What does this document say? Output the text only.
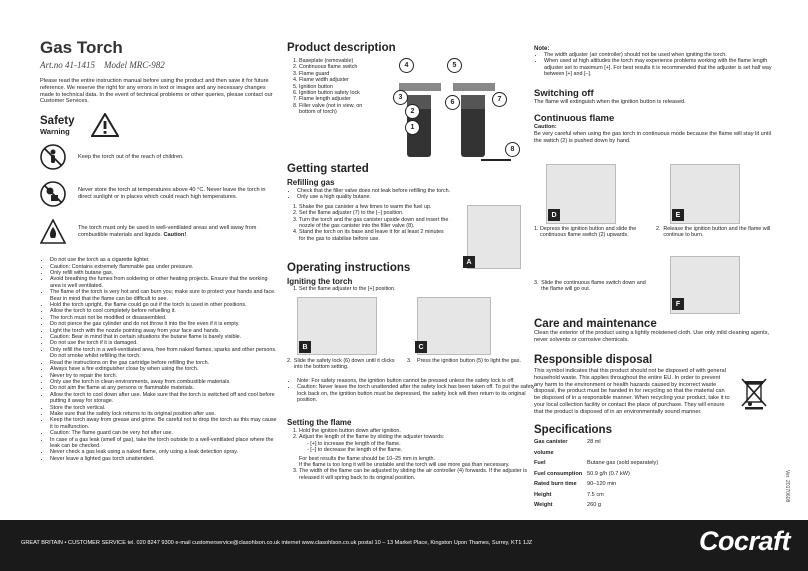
Gas Torch
Art.no 41-1415 Model MRC-982

Please read the entire instruction manual before using the product and then save it for future reference. We reserve the right for any errors in text or images and any necessary changes made to technical data. In the event of technical problems or other queries, please contact our Customer Services.

Safety
Warning

Keep the torch out of the reach of children.

Never store the torch at temperatures above 40 °C. Never leave the torch in direct sunlight or in places which could reach high temperatures.

The torch must only be used in well-ventilated areas and well away from combustible materials and liquids. Caution!

• Do not use the torch as a cigarette lighter.
• Caution: Contains extremely flammable gas under pressure.
• Only refill with butane gas.
• Avoid breathing the fumes from soldering or other heating projects. Ensure that the working area is well ventilated.
• The flame of the torch is very hot and can burn you; make sure to protect your hands and face. Bear in mind that the flame can be difficult to see.
• Hold the torch upright, the flame could go out if the torch is used in other positions.
• Allow the torch to cool completely before refuelling it.
• The torch must not be modified or disassembled.
• Do not pierce the gas cylinder and do not throw it into the fire even if it is empty.
• Light the torch with the nozzle pointing away from your face and hands.
• Caution: Bear in mind that in certain situations the butane flame is barely visible.
• Do not use the torch if it is damaged.
• Only refill the torch in a well-ventilated area, free from naked flames, sparks and other persons. Do not smoke whilst refilling the torch.
• Read the instructions on the gas cartridge before refilling the torch.
• Always have a fire extinguisher close by when using the torch.
• Never try to repair the torch.
• Only use the torch in clean environments, away from combustible materials.
• Do not aim the flame at any persons or flammable materials.
• Allow the torch to cool down after use. Make sure that the torch is switched off and cool before putting it away for storage.
• Store the torch vertical.
• Make sure that the safety lock returns to its original position after use.
• Keep the torch away from grease and grime. Be careful not to drop the torch as this may cause it to malfunction.
• Caution: The flame guard can be very hot after use.
• In case of a gas leak (smell of gas), take the torch outside to a well-ventilated place where the leak can be checked.
• Never check a gas leak using a naked flame, only using a leak detection spray.
• Never leave a lighted gas torch unattended.
Product description
1. Baseplate (removable)
2. Continuous flame switch
3. Flame guard
4. Flame width adjuster
5. Ignition button
6. Ignition button safety lock
7. Flame length adjuster
8. Filler valve (not in view, on bottom of torch)
4
3
2
1
5
6	7
8
Getting started
Refilling gas
• Check that the filler valve does not leak before refilling the torch.
• Only use a high quality butane.
1. Shake the gas canister a few times to warm the fuel up.
2. Set the flame adjuster (7) to the [–] position.
3. Turn the torch and the gas canister upside down and insert the nozzle of the gas canister into the filler valve (8).
4. Stand the torch on its base and leave it for at least 2 minutes for the gas to stabilise before use.
A
Operating instructions
Igniting the torch
1. Set the flame adjuster to the [+] position.
B	C
2. Slide the safety lock (6) down until it clicks into the bottom setting.
3.	Press the ignition button (5) to light the gas.
• Note: For safety reasons, the ignition button cannot be pressed unless the safety lock is off.
• Caution: Never leave the torch unattended after the safety lock has been taken off. To put the safety lock back on, the ignition button must be depressed, the safety lock will then return to its original position.
Setting the flame
1. Hold the ignition button down after ignition.
2. Adjust the length of the flame by sliding the adjuster towards:
- [+] to increase the length of the flame.
- [–] to decrease the length of the flame.
For best results the flame should be 10–25 mm in length.
If the flame is too long it will be unstable and the torch will use more gas than necessary.
3. The width of the flame can be adjusted by sliding the air controller (4) forwards. If the adjuster is released it will spring back to its original position.
Note:
• The width adjuster (air controller) should not be used when igniting the torch.
• When used at high altitudes the torch may experience problems working with the flame length adjuster set to maximum [+]. For best results it is recommended that the adjuster is set half way between [+] and [–].
Switching off

The flame will extinguish when the ignition button is released.

Continuous flame

Caution:

Be very careful when using the gas torch in continuous mode because the flame will stay lit until the switch (2) is pushed down by hand.

D	E
1. Depress the ignition button and slide the continuous flame switch (2) upwards.
2. Release the ignition button and the flame will continue to burn.
3. Slide the continuous flame switch down and the flame will go out.
F
Care and maintenance

Clean the exterior of the product using a lightly moistened cloth. Use only mild cleaning agents, never solvents or corrosive chemicals.

Responsible disposal

This symbol indicates that this product should not be disposed of with general household waste. This applies throughout the entire EU. In order to prevent any harm to the environment or health hazards caused by incorrect waste disposal, the product must be handed in for recycling so that the material can be disposed of in a responsible manner. When recycling your product, take it to your local collection facility or contact the place of purchase. They will ensure that the product is disposed of in an environmentally sound manner.

Specifications
Gas canister volume
28 ml
Fuel	Butane gas (sold separately)
Fuel consumption 50.9 g/h (0.7 kW)
Rated burn time	90–120 min
Height	7.5 cm
Weight	260 g
Ver. 20170608
GREAT BRITAIN • CUSTOMER SERVICE tel. 020 8247 9300 e-mail customerservice@clasohlson.co.uk internet www.clasohlson.co.uk postal 10 – 13 Market Place, Kingston Upon Thames, Surrey, KT1 1JZ	Cocraft
